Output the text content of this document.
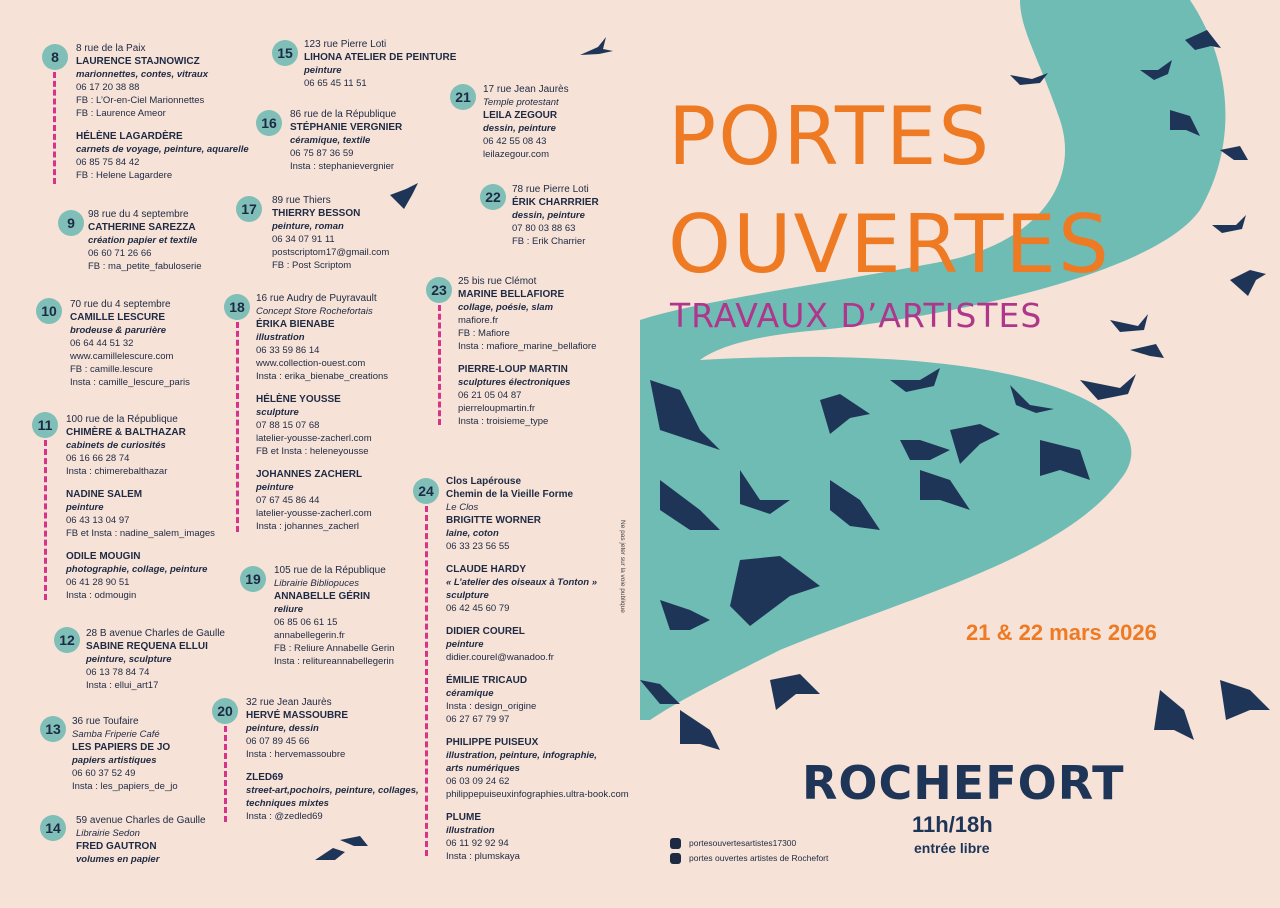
8
8 rue de la Paix
LAURENCE STAJNOWICZ
marionnettes, contes, vitraux
06 17 20 38 88
FB : L’Or-en-Ciel Marionnettes
FB : Laurence Ameor
HÉLÈNE LAGARDÈRE
carnets de voyage, peinture, aquarelle
06 85 75 84 42
FB : Helene Lagardere
9
98 rue du 4 septembre
CATHERINE SAREZZA
création papier et textile
06 60 71 26 66
FB : ma_petite_fabuloserie
10	70 rue du 4 septembre
CAMILLE LESCURE
brodeuse & parurière
06 64 44 51 32
www.camillelescure.com
FB : camille.lescure
Insta : camille_lescure_paris
11	100 rue de la République
CHIMÈRE & BALTHAZAR
cabinets de curiosités
06 16 66 28 74
Insta : chimerebalthazar
NADINE SALEM
peinture
06 43 13 04 97
FB et Insta : nadine_salem_images
ODILE MOUGIN
photographie, collage, peinture
06 41 28 90 51
Insta : odmougin
12	28 B avenue Charles de Gaulle
SABINE REQUENA ELLUI
peinture, sculpture
06 13 78 84 74
Insta : ellui_art17
13	36 rue Toufaire
Samba Friperie Café
LES PAPIERS DE JO
papiers artistiques
06 60 37 52 49
Insta : les_papiers_de_jo
14	59 avenue Charles de Gaulle
Librairie Sedon
FRED GAUTRON
volumes en papier
15
123 rue Pierre Loti
LIHONA ATELIER DE PEINTURE
peinture
06 65 45 11 51
16
86 rue de la République
STÉPHANIE VERGNIER
céramique, textile
06 75 87 36 59
Insta : stephanievergnier
17
89 rue Thiers
THIERRY BESSON
peinture, roman
06 34 07 91 11
postscriptom17@gmail.com
FB : Post Scriptom
18
16 rue Audry de Puyravault
Concept Store Rochefortais
ÉRIKA BIENABE
illustration
06 33 59 86 14
www.collection-ouest.com
Insta : erika_bienabe_creations
HÉLÈNE YOUSSE
sculpture
07 88 15 07 68
latelier-yousse-zacherl.com
FB et Insta : heleneyousse
JOHANNES ZACHERL
peinture
07 67 45 86 44
latelier-yousse-zacherl.com
Insta : johannes_zacherl
19
105 rue de la République
Librairie Bibliopuces
ANNABELLE GÉRIN
reliure
06 85 06 61 15
annabellegerin.fr
FB : Reliure Annabelle Gerin
Insta : relitureannabellegerin
20
32 rue Jean Jaurès
HERVÉ MASSOUBRE
peinture, dessin
06 07 89 45 66
Insta : hervemassoubre
ZLED69
street-art,pochoirs, peinture, collages,
techniques mixtes
Insta : @zedled69
21	17 rue Jean Jaurès
Temple protestant
LEILA ZEGOUR
dessin, peinture
06 42 55 08 43
leilazegour.com
22	78 rue Pierre Loti
ÉRIK CHARRRIER
dessin, peinture
07 80 03 88 63
FB : Erik Charrier
23
25 bis rue Clémot
MARINE BELLAFIORE
collage, poésie, slam
mafiore.fr
FB : Mafiore
Insta : mafiore_marine_bellafiore
PIERRE-LOUP MARTIN
sculptures électroniques
06 21 05 04 87
pierreloupmartin.fr
Insta : troisieme_type
24
Clos Lapérouse
Chemin de la Vieille Forme
Le Clos
BRIGITTE WORNER
laine, coton
06 33 23 56 55
CLAUDE HARDY
« L’atelier des oiseaux à Tonton »
sculpture
06 42 45 60 79
DIDIER COUREL
peinture
didier.courel@wanadoo.fr
ÉMILIE TRICAUD
céramique
Insta : design_origine
06 27 67 79 97
PHILIPPE PUISEUX
illustration, peinture, infographie,
arts numériques
06 03 09 24 62
philippepuiseuxinfographies.ultra-book.com
PLUME
illustration
06 11 92 92 94
Insta : plumskaya
PORTES
OUVERTES
TRAVAUX D’ARTISTES
21 & 22 mars 2026
ROCHEFORT
11h/18h
entrée libre
portesouvertesartistes17300
portes ouvertes artistes de Rochefort
Ne pas jeter sur la voie publique
